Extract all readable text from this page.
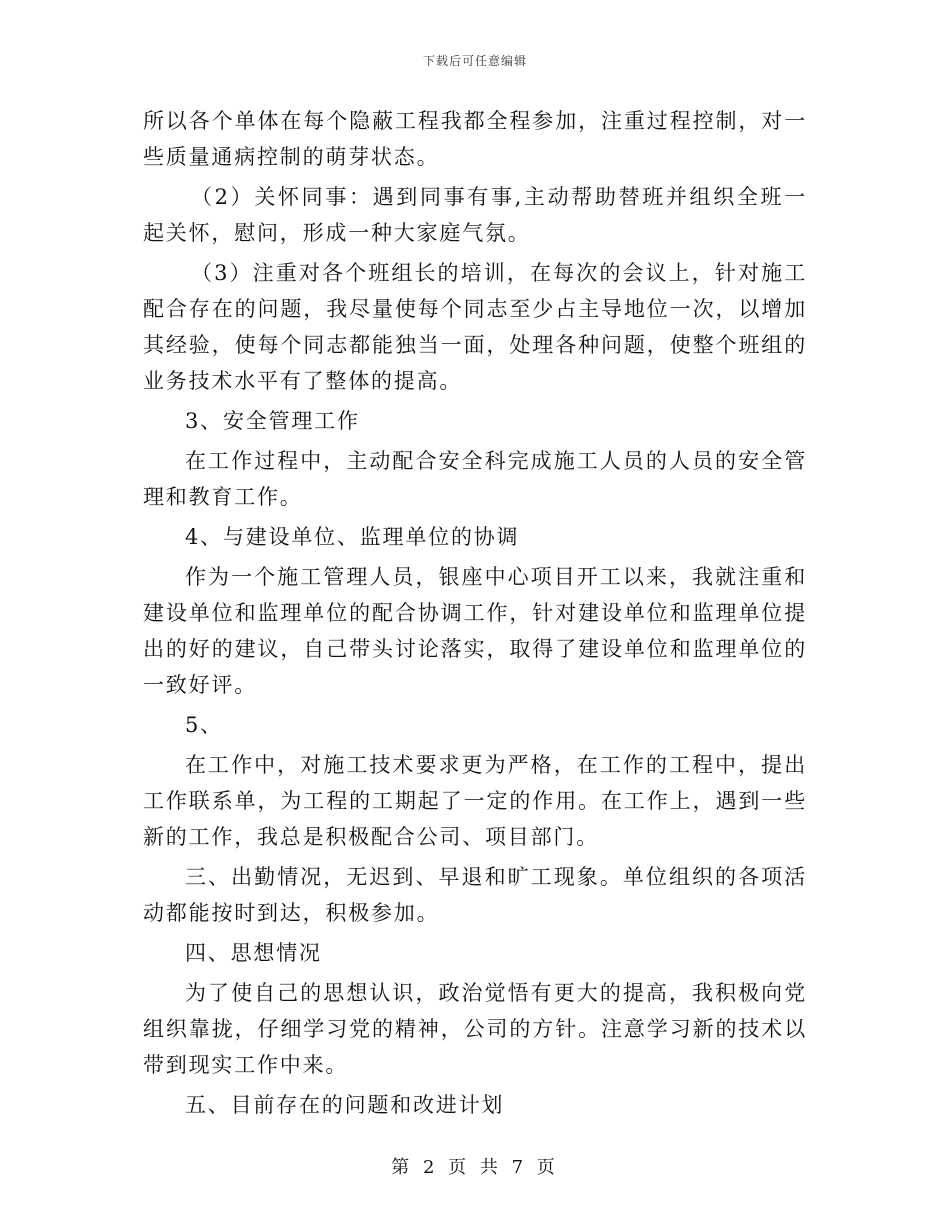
下载后可任意编辑

所以各个单体在每个隐蔽工程我都全程参加，注重过程控制，对一些质量通病控制的萌芽状态。

（2）关怀同事：遇到同事有事,主动帮助替班并组织全班一起关怀，慰问，形成一种大家庭气氛。

（3）注重对各个班组长的培训，在每次的会议上，针对施工配合存在的问题，我尽量使每个同志至少占主导地位一次，以增加其经验，使每个同志都能独当一面，处理各种问题，使整个班组的业务技术水平有了整体的提高。

3、安全管理工作

在工作过程中，主动配合安全科完成施工人员的人员的安全管理和教育工作。

4、与建设单位、监理单位的协调

作为一个施工管理人员，银座中心项目开工以来，我就注重和建设单位和监理单位的配合协调工作，针对建设单位和监理单位提出的好的建议，自己带头讨论落实，取得了建设单位和监理单位的一致好评。

5、

在工作中，对施工技术要求更为严格，在工作的工程中，提出工作联系单，为工程的工期起了一定的作用。在工作上，遇到一些新的工作，我总是积极配合公司、项目部门。

三、出勤情况，无迟到、早退和旷工现象。单位组织的各项活动都能按时到达，积极参加。

四、思想情况

为了使自己的思想认识，政治觉悟有更大的提高，我积极向党组织靠拢，仔细学习党的精神，公司的方针。注意学习新的技术以带到现实工作中来。

五、目前存在的问题和改进计划

第 2 页 共 7 页
